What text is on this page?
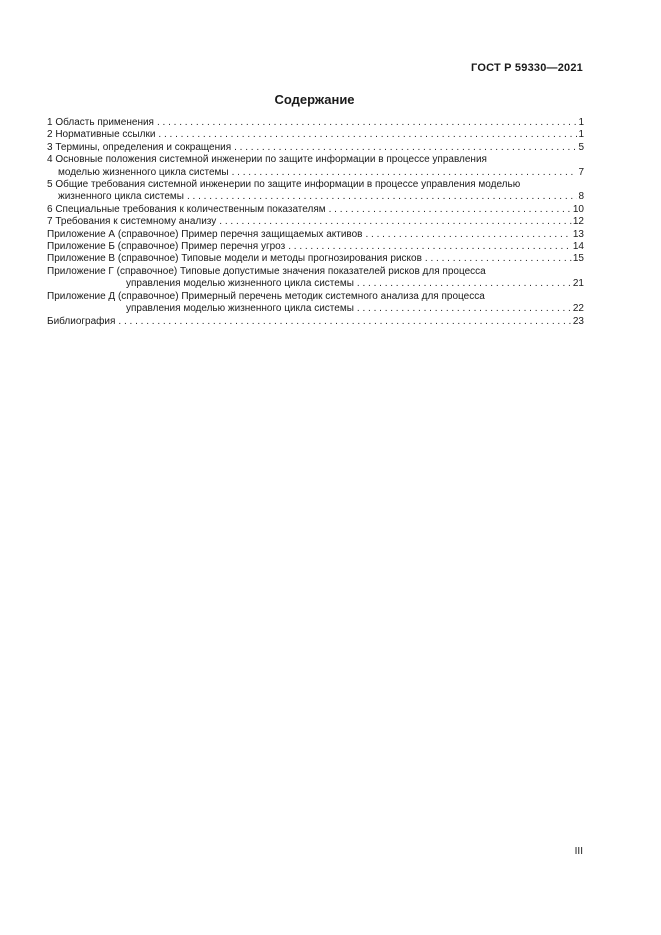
ГОСТ Р 59330—2021
Содержание
1 Область применения . . .	1
2 Нормативные ссылки . . .	1
3 Термины, определения и сокращения . . .	5
4 Основные положения системной инженерии по защите информации в процессе управления
моделью жизненного цикла системы . . .	7
5 Общие требования системной инженерии по защите информации в процессе управления моделью
жизненного цикла системы . . .	8
6 Специальные требования к количественным показателям . . .	10
7 Требования к системному анализу . . .	12
Приложение А (справочное) Пример перечня защищаемых активов . . .	13
Приложение Б (справочное) Пример перечня угроз . . .	14
Приложение В (справочное) Типовые модели и методы прогнозирования рисков . . .	15
Приложение Г (справочное) Типовые допустимые значения показателей рисков для процесса
управления моделью жизненного цикла системы . . .	21
Приложение Д (справочное) Примерный перечень методик системного анализа для процесса
управления моделью жизненного цикла системы . . .	22
Библиография . . .	23
III
